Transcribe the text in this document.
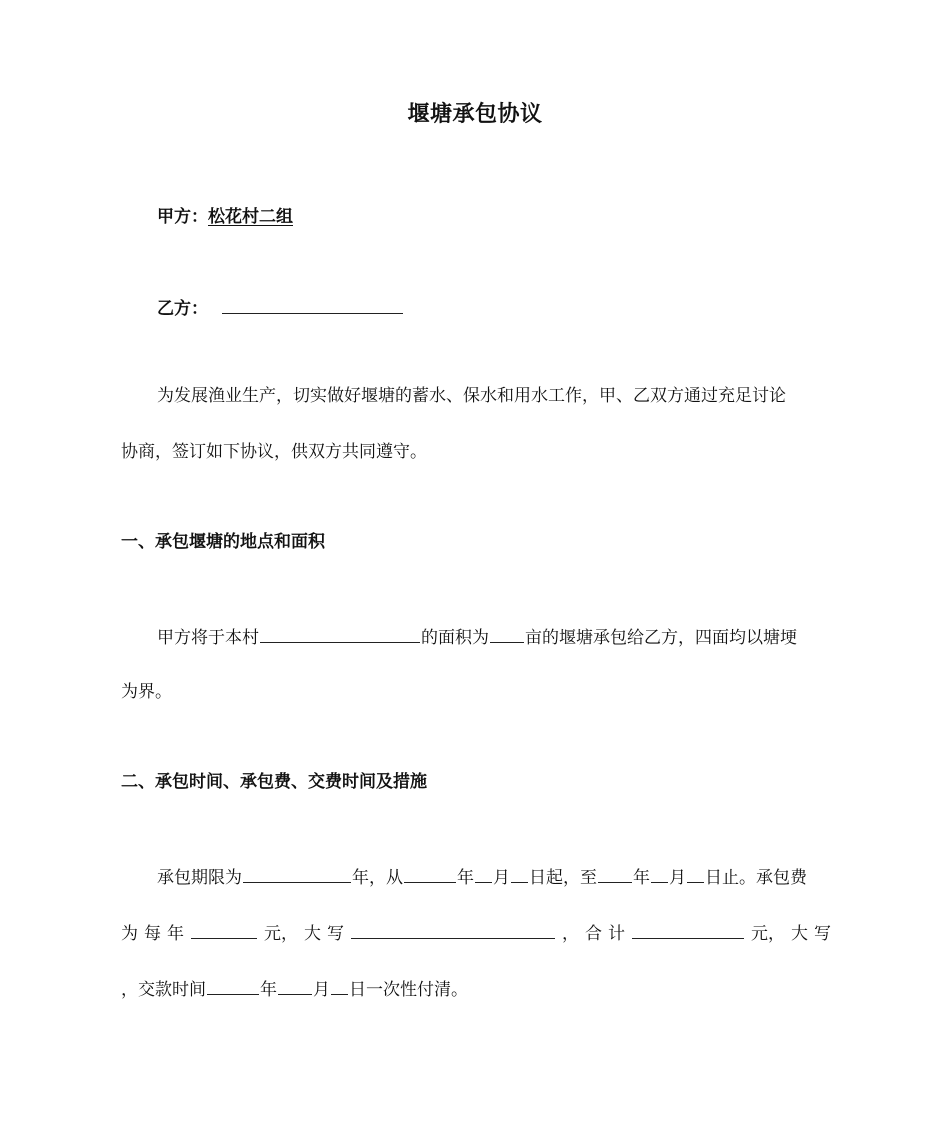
堰塘承包协议
甲方：松花村二组
乙方：
为发展渔业生产，切实做好堰塘的蓄水、保水和用水工作，甲、乙双方通过充足讨论
协商，签订如下协议，供双方共同遵守。
一、承包堰塘的地点和面积
甲方将于本村	的面积为 亩的堰塘承包给乙方，四面均以塘埂
为界。
二、承包时间、承包费、交费时间及措施
承包期限为	年，从	年 月 日起，至 年 月 日止。承包费
为 每 年	元， 大 写	， 合 计	元， 大 写
，交款时间	年 月 日一次性付清。
